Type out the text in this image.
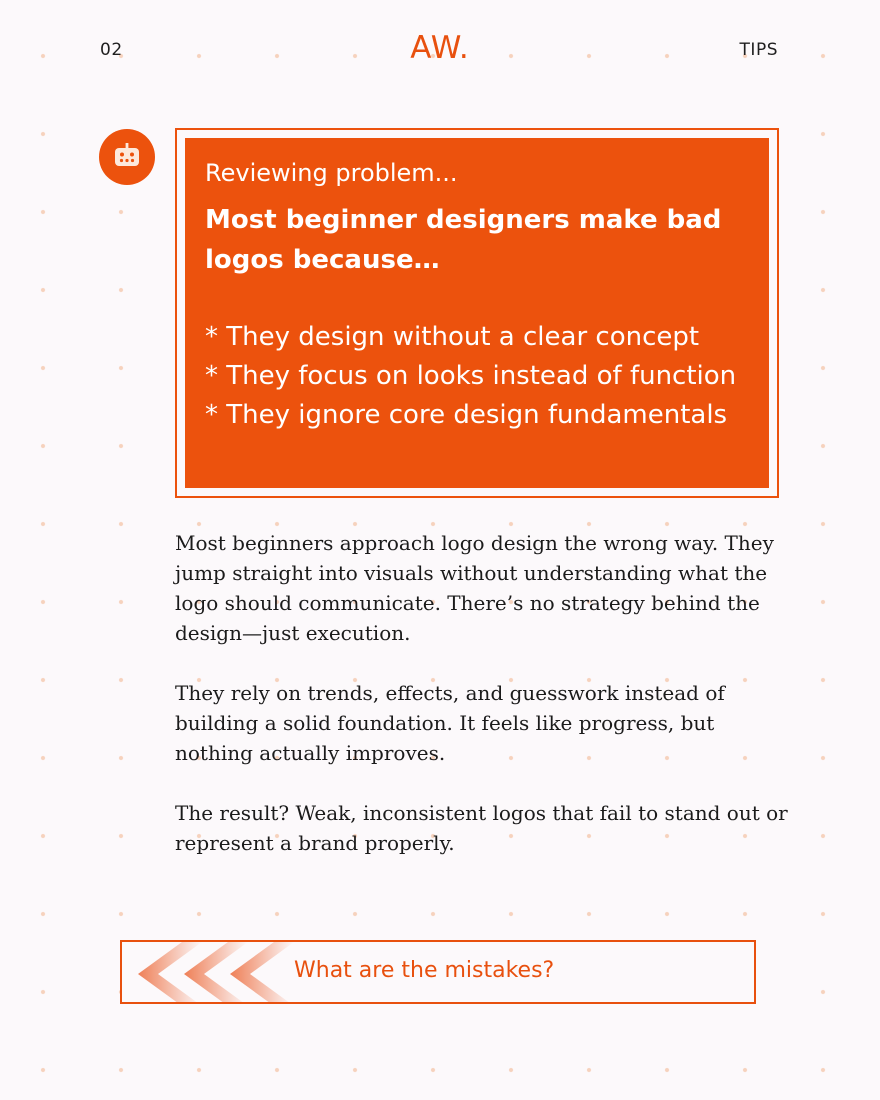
02	AW.	TIPS
Reviewing problem...
Most beginner designers make bad logos because…
* They design without a clear concept
* They focus on looks instead of function
* They ignore core design fundamentals

Most beginners approach logo design the wrong way. They jump straight into visuals without understanding what the logo should communicate. There’s no strategy behind the design—just execution.

They rely on trends, effects, and guesswork instead of building a solid foundation. It feels like progress, but nothing actually improves.

The result? Weak, inconsistent logos that fail to stand out or represent a brand properly.

What are the mistakes?
